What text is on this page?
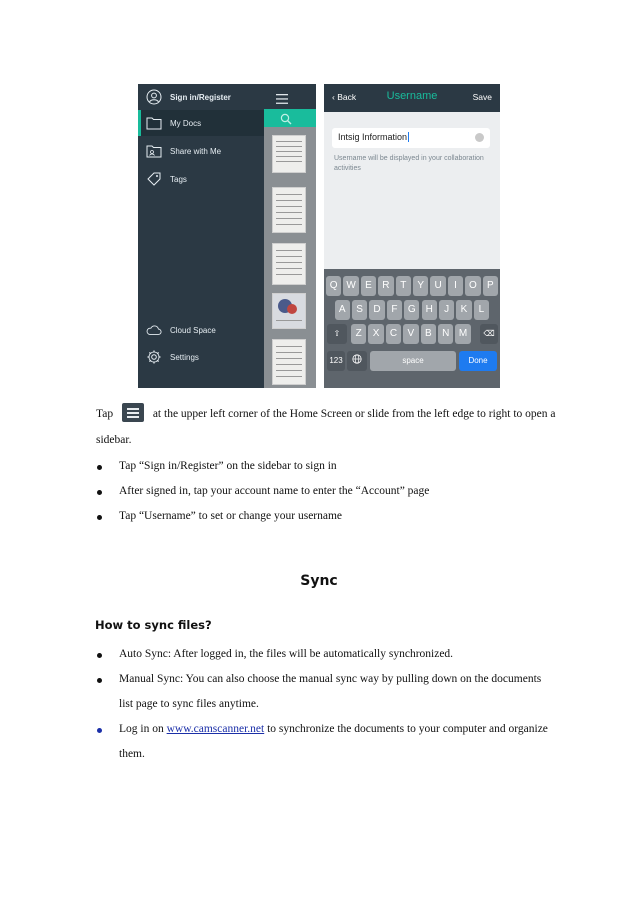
Sign in/Register
My Docs
Share with Me
Tags
Cloud Space
Settings
‹ Back	Username	Save
Intsig Information
Username will be displayed in your collaboration activities
⇧	⌫
123	space	Done
Q W E	R	T	Y	U	I	O	P
A	S	D	F	G H	J	K	L
Z	X	C	V	B	N M
Tap	at the upper left corner of the Home Screen or slide from the left edge to right to open a
sidebar.
Tap “Sign in/Register” on the sidebar to sign in
After signed in, tap your account name to enter the “Account” page
Tap “Username” to set or change your username
Sync
How to sync files?
Auto Sync: After logged in, the files will be automatically synchronized.
Manual Sync: You can also choose the manual sync way by pulling down on the documents
list page to sync files anytime.
Log in on www.camscanner.net to synchronize the documents to your computer and organize
them.
